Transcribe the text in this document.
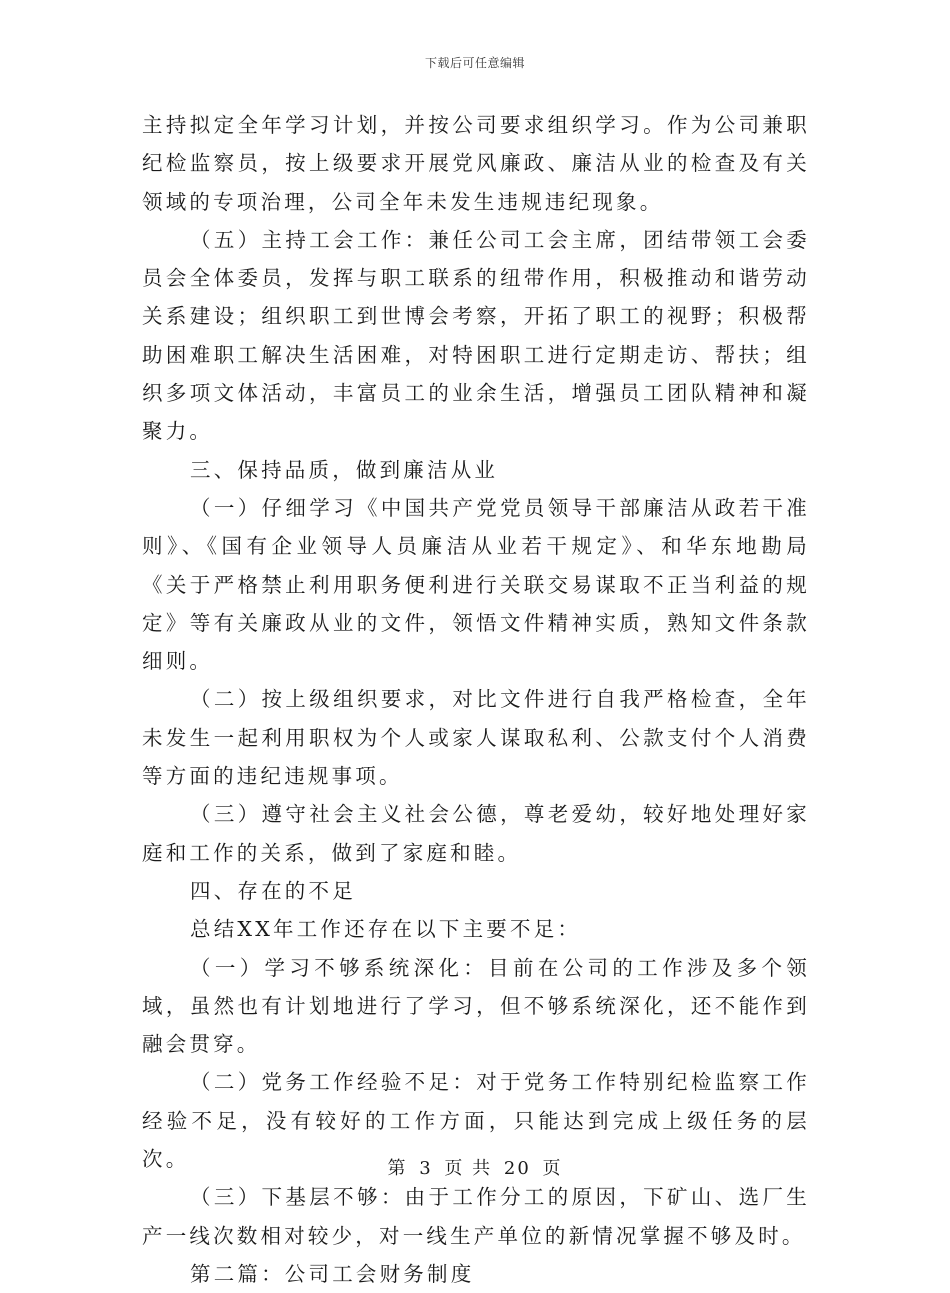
下载后可任意编辑

主持拟定全年学习计划，并按公司要求组织学习。作为公司兼职纪检监察员，按上级要求开展党风廉政、廉洁从业的检查及有关领域的专项治理，公司全年未发生违规违纪现象。

（五）主持工会工作：兼任公司工会主席，团结带领工会委员会全体委员，发挥与职工联系的纽带作用，积极推动和谐劳动关系建设；组织职工到世博会考察，开拓了职工的视野；积极帮助困难职工解决生活困难，对特困职工进行定期走访、帮扶；组织多项文体活动，丰富员工的业余生活，增强员工团队精神和凝聚力。

三、保持品质，做到廉洁从业

（一）仔细学习《中国共产党党员领导干部廉洁从政若干准则》、《国有企业领导人员廉洁从业若干规定》、和华东地勘局《关于严格禁止利用职务便利进行关联交易谋取不正当利益的规定》等有关廉政从业的文件，领悟文件精神实质，熟知文件条款细则。

（二）按上级组织要求，对比文件进行自我严格检查，全年未发生一起利用职权为个人或家人谋取私利、公款支付个人消费等方面的违纪违规事项。

（三）遵守社会主义社会公德，尊老爱幼，较好地处理好家庭和工作的关系，做到了家庭和睦。

四、存在的不足

总结XX年工作还存在以下主要不足：

（一）学习不够系统深化：目前在公司的工作涉及多个领域，虽然也有计划地进行了学习，但不够系统深化，还不能作到融会贯穿。

（二）党务工作经验不足：对于党务工作特别纪检监察工作经验不足，没有较好的工作方面，只能达到完成上级任务的层次。

（三）下基层不够：由于工作分工的原因，下矿山、选厂生产一线次数相对较少，对一线生产单位的新情况掌握不够及时。

第二篇：公司工会财务制度

第 3 页 共 20 页
